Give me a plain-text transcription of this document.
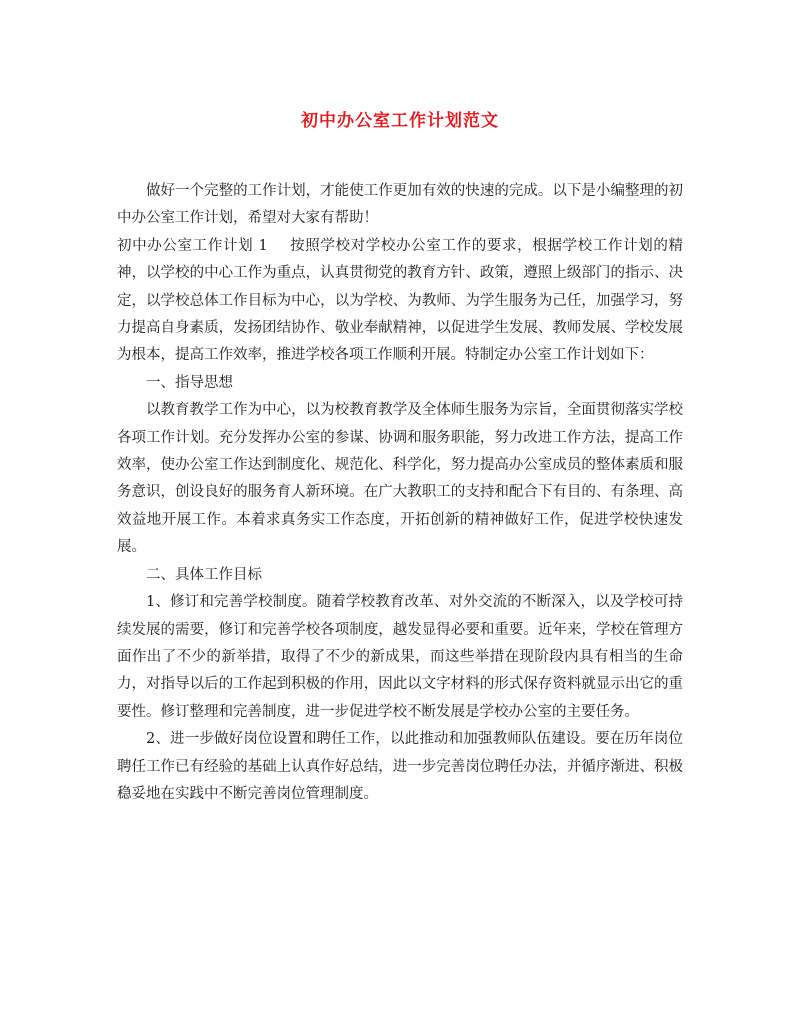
初中办公室工作计划范文

做好一个完整的工作计划，才能使工作更加有效的快速的完成。以下是小编整理的初中办公室工作计划，希望对大家有帮助！

初中办公室工作计划 1 按照学校对学校办公室工作的要求，根据学校工作计划的精神，以学校的中心工作为重点，认真贯彻党的教育方针、政策，遵照上级部门的指示、决定，以学校总体工作目标为中心，以为学校、为教师、为学生服务为己任，加强学习，努力提高自身素质，发扬团结协作、敬业奉献精神，以促进学生发展、教师发展、学校发展为根本，提高工作效率，推进学校各项工作顺利开展。特制定办公室工作计划如下：

一、指导思想

以教育教学工作为中心，以为校教育教学及全体师生服务为宗旨，全面贯彻落实学校各项工作计划。充分发挥办公室的参谋、协调和服务职能，努力改进工作方法，提高工作效率，使办公室工作达到制度化、规范化、科学化，努力提高办公室成员的整体素质和服务意识，创设良好的服务育人新环境。在广大教职工的支持和配合下有目的、有条理、高效益地开展工作。本着求真务实工作态度，开拓创新的精神做好工作，促进学校快速发展。

二、具体工作目标

1、修订和完善学校制度。随着学校教育改革、对外交流的不断深入，以及学校可持续发展的需要，修订和完善学校各项制度，越发显得必要和重要。近年来，学校在管理方面作出了不少的新举措，取得了不少的新成果，而这些举措在现阶段内具有相当的生命力，对指导以后的工作起到积极的作用，因此以文字材料的形式保存资料就显示出它的重要性。修订整理和完善制度，进一步促进学校不断发展是学校办公室的主要任务。

2、进一步做好岗位设置和聘任工作，以此推动和加强教师队伍建设。要在历年岗位聘任工作已有经验的基础上认真作好总结，进一步完善岗位聘任办法，并循序渐进、积极稳妥地在实践中不断完善岗位管理制度。
